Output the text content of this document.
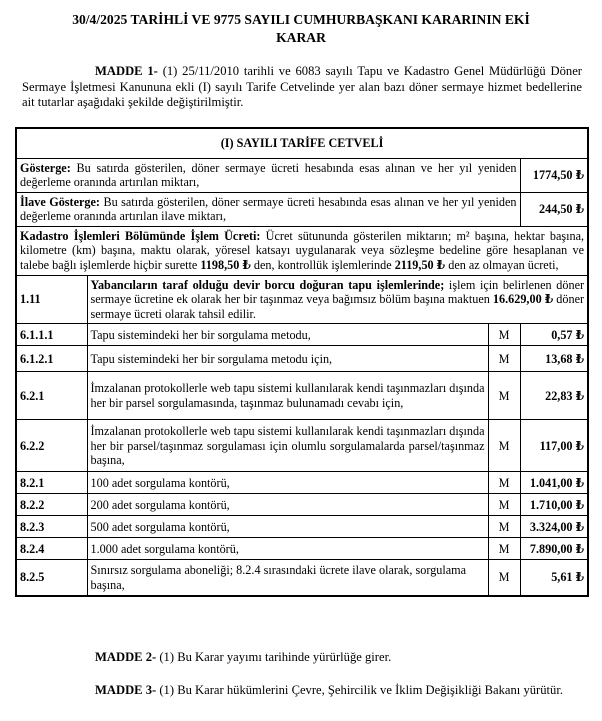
30/4/2025 TARİHLİ VE 9775 SAYILI CUMHURBAŞKANI KARARININ EKİ
KARAR
MADDE 1- (1) 25/11/2010 tarihli ve 6083 sayılı Tapu ve Kadastro Genel Müdürlüğü Döner Sermaye İşletmesi Kanununa ekli (I) sayılı Tarife Cetvelinde yer alan bazı döner sermaye hizmet bedellerine ait tutarlar aşağıdaki şekilde değiştirilmiştir.
(I) SAYILI TARİFE CETVELİ			
Gösterge: Bu satırda gösterilen, döner sermaye ücreti hesabında esas alınan ve her yıl yeniden değerleme oranında artırılan miktarı,			1774,50 ₺
İlave Gösterge: Bu satırda gösterilen, döner sermaye ücreti hesabında esas alınan ve her yıl yeniden değerleme oranında artırılan ilave miktarı,			244,50 ₺
Kadastro İşlemleri Bölümünde İşlem Ücreti: Ücret sütununda gösterilen miktarın; m² başına, hektar başına, kilometre (km) başına, maktu olarak, yöresel katsayı uygulanarak veya sözleşme bedeline göre hesaplanan ve talebe bağlı işlemlerde hiçbir surette 1198,50 ₺ den, kontrollük işlemlerinde 2119,50 ₺ den az olmayan ücreti,			
1.11	Yabancıların taraf olduğu devir borcu doğuran tapu işlemlerinde; işlem için belirlenen döner sermaye ücretine ek olarak her bir taşınmaz veya bağımsız bölüm başına maktuen 16.629,00 ₺ döner sermaye ücreti olarak tahsil edilir.		
6.1.1.1	Tapu sistemindeki her bir sorgulama metodu,	M	0,57 ₺
6.1.2.1	Tapu sistemindeki her bir sorgulama metodu için,	M	13,68 ₺
6.2.1	İmzalanan protokollerle web tapu sistemi kullanılarak kendi taşınmazları dışında her bir parsel sorgulamasında, taşınmaz bulunamadı cevabı için,	M	22,83 ₺
6.2.2	İmzalanan protokollerle web tapu sistemi kullanılarak kendi taşınmazları dışında her bir parsel/taşınmaz sorgulaması için olumlu sorgulamalarda parsel/taşınmaz başına,	M	117,00 ₺
8.2.1	100 adet sorgulama kontörü,	M	1.041,00 ₺
8.2.2	200 adet sorgulama kontörü,	M	1.710,00 ₺
8.2.3	500 adet sorgulama kontörü,	M	3.324,00 ₺
8.2.4	1.000 adet sorgulama kontörü,	M	7.890,00 ₺
8.2.5	Sınırsız sorgulama aboneliği; 8.2.4 sırasındaki ücrete ilave olarak, sorgulama başına,	M	5,61 ₺
MADDE 2- (1) Bu Karar yayımı tarihinde yürürlüğe girer.
MADDE 3- (1) Bu Karar hükümlerini Çevre, Şehircilik ve İklim Değişikliği Bakanı yürütür.
